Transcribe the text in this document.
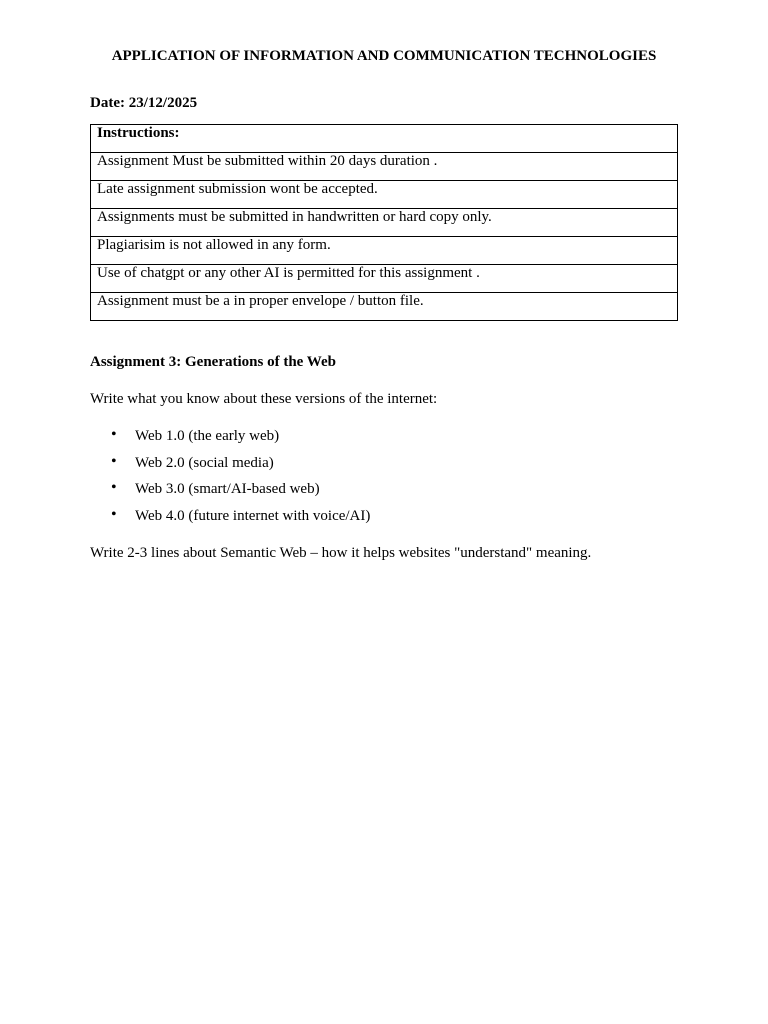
APPLICATION OF INFORMATION AND COMMUNICATION TECHNOLOGIES

Date: 23/12/2025

Instructions:
Assignment Must be submitted within 20 days duration .
Late assignment submission wont be accepted.
Assignments must be submitted in handwritten or hard copy only.
Plagiarisim is not allowed in any form.
Use of chatgpt or any other AI is permitted for this assignment .
Assignment must be a in proper envelope / button file.

Assignment 3: Generations of the Web

Write what you know about these versions of the internet:

• Web 1.0 (the early web)
• Web 2.0 (social media)
• Web 3.0 (smart/AI-based web)
• Web 4.0 (future internet with voice/AI)

Write 2-3 lines about Semantic Web – how it helps websites "understand" meaning.
